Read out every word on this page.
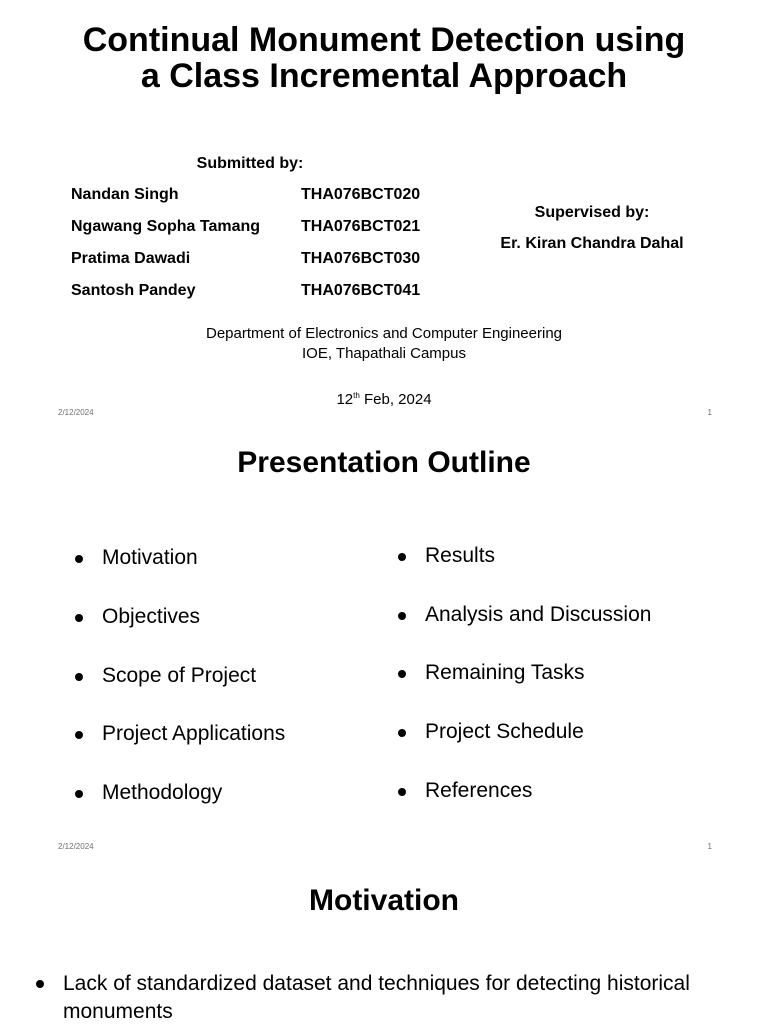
Continual Monument Detection using
a Class Incremental Approach
Submitted by:
Nandan Singh	THA076BCT020
Ngawang Sopha Tamang	THA076BCT021
Pratima Dawadi	THA076BCT030
Santosh Pandey	THA076BCT041
Supervised by:
Er. Kiran Chandra Dahal
Department of Electronics and Computer Engineering
IOE, Thapathali Campus
12th Feb, 2024
2/12/2024	1
Presentation Outline
Motivation
Objectives
Scope of Project
Project Applications
Methodology
Results
Analysis and Discussion
Remaining Tasks
Project Schedule
References
2/12/2024	1
Motivation
Lack of standardized dataset and techniques for detecting historical monuments
